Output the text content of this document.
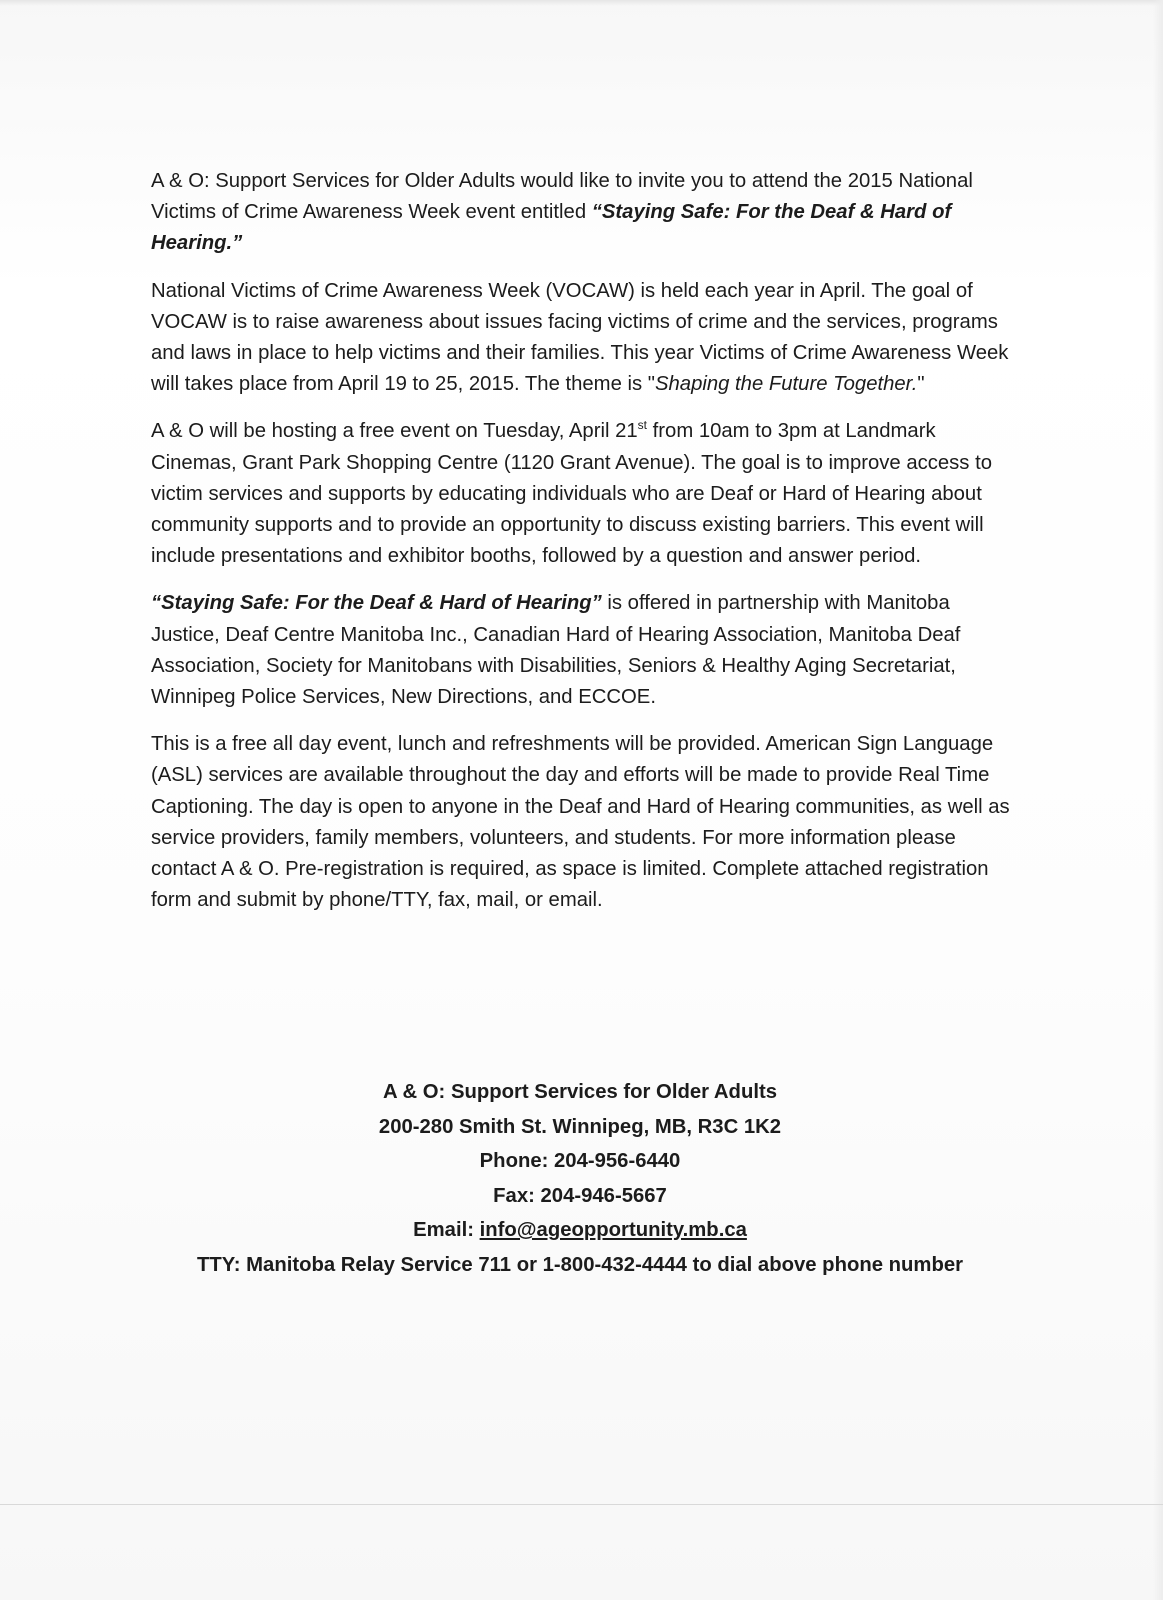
A & O: Support Services for Older Adults would like to invite you to attend the 2015 National Victims of Crime Awareness Week event entitled “Staying Safe: For the Deaf & Hard of Hearing.”

National Victims of Crime Awareness Week (VOCAW) is held each year in April. The goal of VOCAW is to raise awareness about issues facing victims of crime and the services, programs and laws in place to help victims and their families. This year Victims of Crime Awareness Week will takes place from April 19 to 25, 2015. The theme is "Shaping the Future Together."

A & O will be hosting a free event on Tuesday, April 21st from 10am to 3pm at Landmark Cinemas, Grant Park Shopping Centre (1120 Grant Avenue). The goal is to improve access to victim services and supports by educating individuals who are Deaf or Hard of Hearing about community supports and to provide an opportunity to discuss existing barriers. This event will include presentations and exhibitor booths, followed by a question and answer period.

“Staying Safe: For the Deaf & Hard of Hearing” is offered in partnership with Manitoba Justice, Deaf Centre Manitoba Inc., Canadian Hard of Hearing Association, Manitoba Deaf Association, Society for Manitobans with Disabilities, Seniors & Healthy Aging Secretariat, Winnipeg Police Services, New Directions, and ECCOE.

This is a free all day event, lunch and refreshments will be provided. American Sign Language (ASL) services are available throughout the day and efforts will be made to provide Real Time Captioning. The day is open to anyone in the Deaf and Hard of Hearing communities, as well as service providers, family members, volunteers, and students. For more information please contact A & O. Pre-registration is required, as space is limited. Complete attached registration form and submit by phone/TTY, fax, mail, or email.

A & O: Support Services for Older Adults
200-280 Smith St. Winnipeg, MB, R3C 1K2
Phone: 204-956-6440
Fax: 204-946-5667
Email: info@ageopportunity.mb.ca
TTY: Manitoba Relay Service 711 or 1-800-432-4444 to dial above phone number
